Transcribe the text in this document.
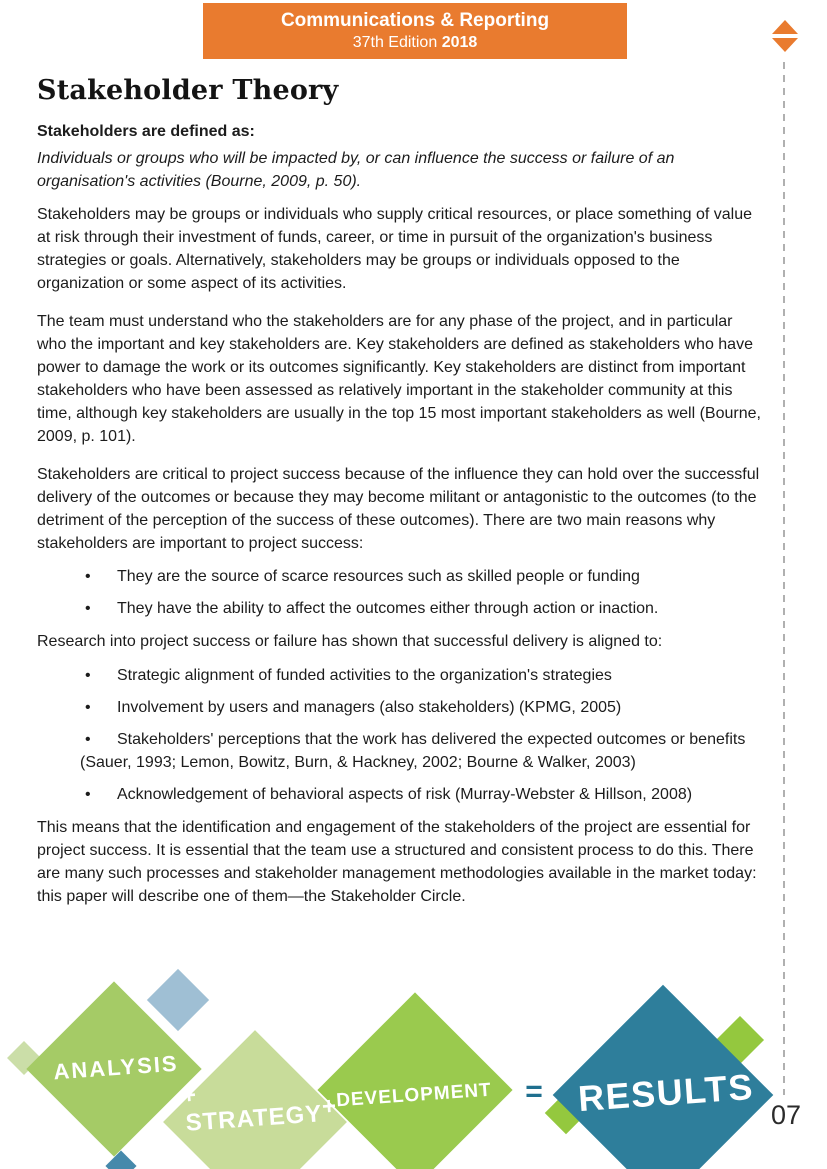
Communications & Reporting
37th Edition 2018
Stakeholder Theory
Stakeholders are defined as:
Individuals or groups who will be impacted by, or can influence the success or failure of an organisation's activities (Bourne, 2009, p. 50).

Stakeholders may be groups or individuals who supply critical resources, or place something of value at risk through their investment of funds, career, or time in pursuit of the organization's business strategies or goals. Alternatively, stakeholders may be groups or individuals opposed to the organization or some aspect of its activities.

The team must understand who the stakeholders are for any phase of the project, and in particular who the important and key stakeholders are. Key stakeholders are defined as stakeholders who have power to damage the work or its outcomes significantly. Key stakeholders are distinct from important stakeholders who have been assessed as relatively important in the stakeholder community at this time, although key stakeholders are usually in the top 15 most important stakeholders as well (Bourne, 2009, p. 101).

Stakeholders are critical to project success because of the influence they can hold over the successful delivery of the outcomes or because they may become militant or antagonistic to the outcomes (to the detriment of the perception of the success of these outcomes). There are two main reasons why stakeholders are important to project success:

• They are the source of scarce resources such as skilled people or funding
• They have the ability to affect the outcomes either through action or inaction.

Research into project success or failure has shown that successful delivery is aligned to:

• Strategic alignment of funded activities to the organization's strategies
• Involvement by users and managers (also stakeholders) (KPMG, 2005)
• Stakeholders' perceptions that the work has delivered the expected outcomes or benefits (Sauer, 1993; Lemon, Bowitz, Burn, & Hackney, 2002; Bourne & Walker, 2003)
• Acknowledgement of behavioral aspects of risk (Murray-Webster & Hillson, 2008)

This means that the identification and engagement of the stakeholders of the project are essential for project success. It is essential that the team use a structured and consistent process to do this. There are many such processes and stakeholder management methodologies available in the market today: this paper will describe one of them—the Stakeholder Circle.

ANALYSIS
+
STRATEGY
+
DEVELOPMENT = RESULTS 07
